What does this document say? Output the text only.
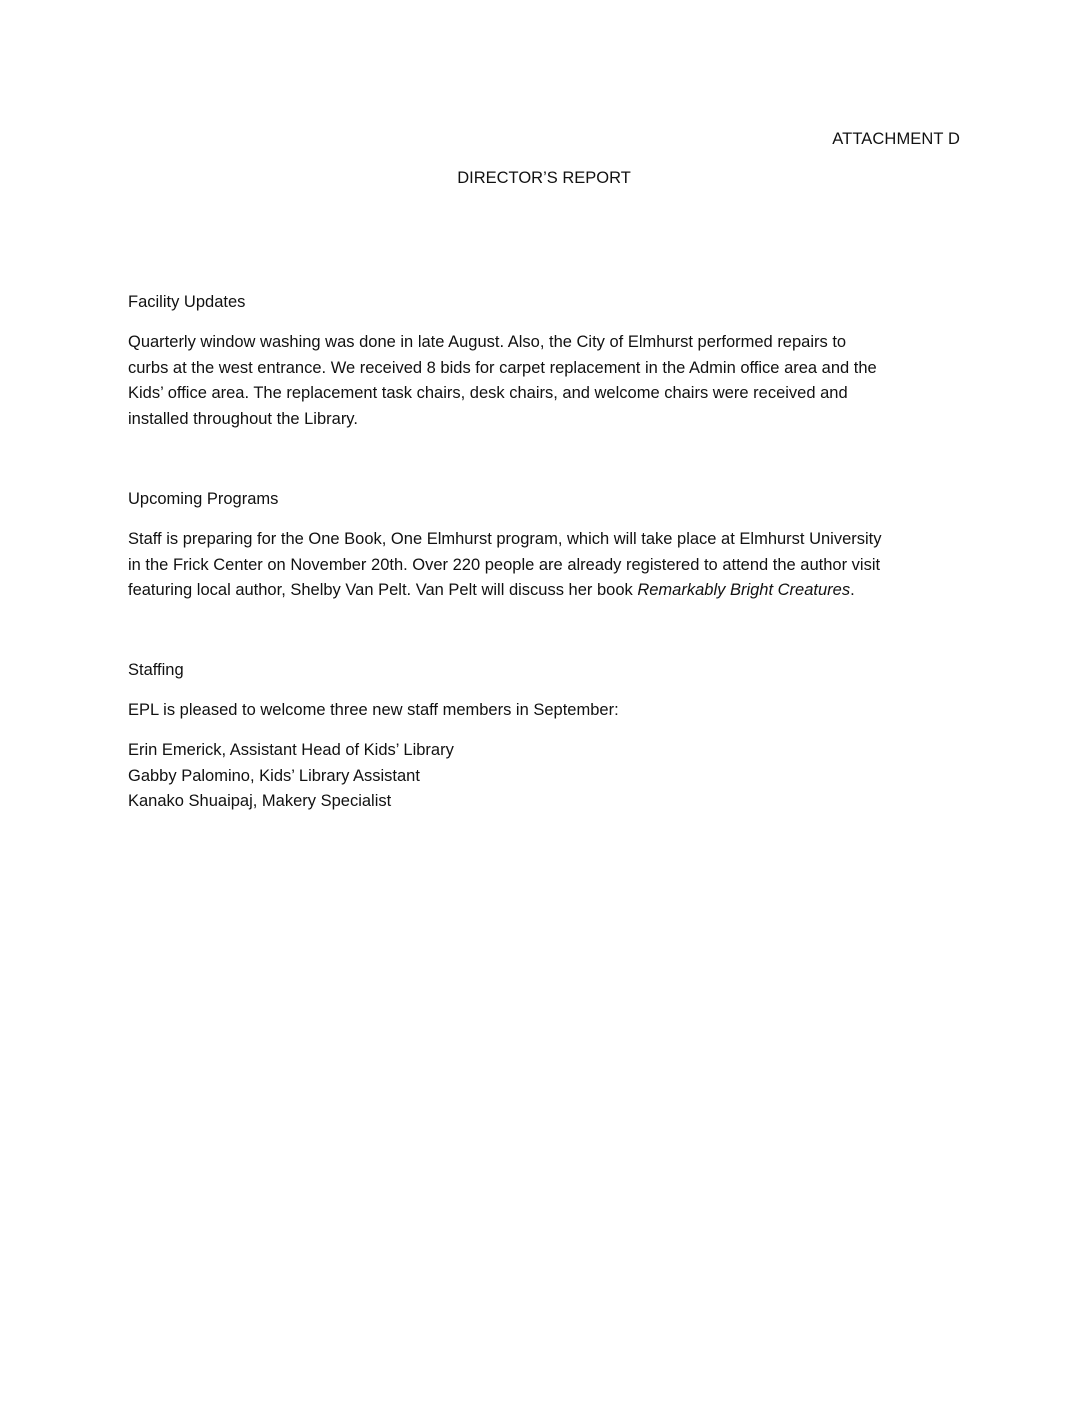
ATTACHMENT D
DIRECTOR’S REPORT
Facility Updates
Quarterly window washing was done in late August. Also, the City of Elmhurst performed repairs to
curbs at the west entrance. We received 8 bids for carpet replacement in the Admin office area and the
Kids’ office area. The replacement task chairs, desk chairs, and welcome chairs were received and
installed throughout the Library.
Upcoming Programs
Staff is preparing for the One Book, One Elmhurst program, which will take place at Elmhurst University
in the Frick Center on November 20th. Over 220 people are already registered to attend the author visit
featuring local author, Shelby Van Pelt. Van Pelt will discuss her book Remarkably Bright Creatures.
Staffing
EPL is pleased to welcome three new staff members in September:
Erin Emerick, Assistant Head of Kids’ Library
Gabby Palomino, Kids’ Library Assistant
Kanako Shuaipaj, Makery Specialist
